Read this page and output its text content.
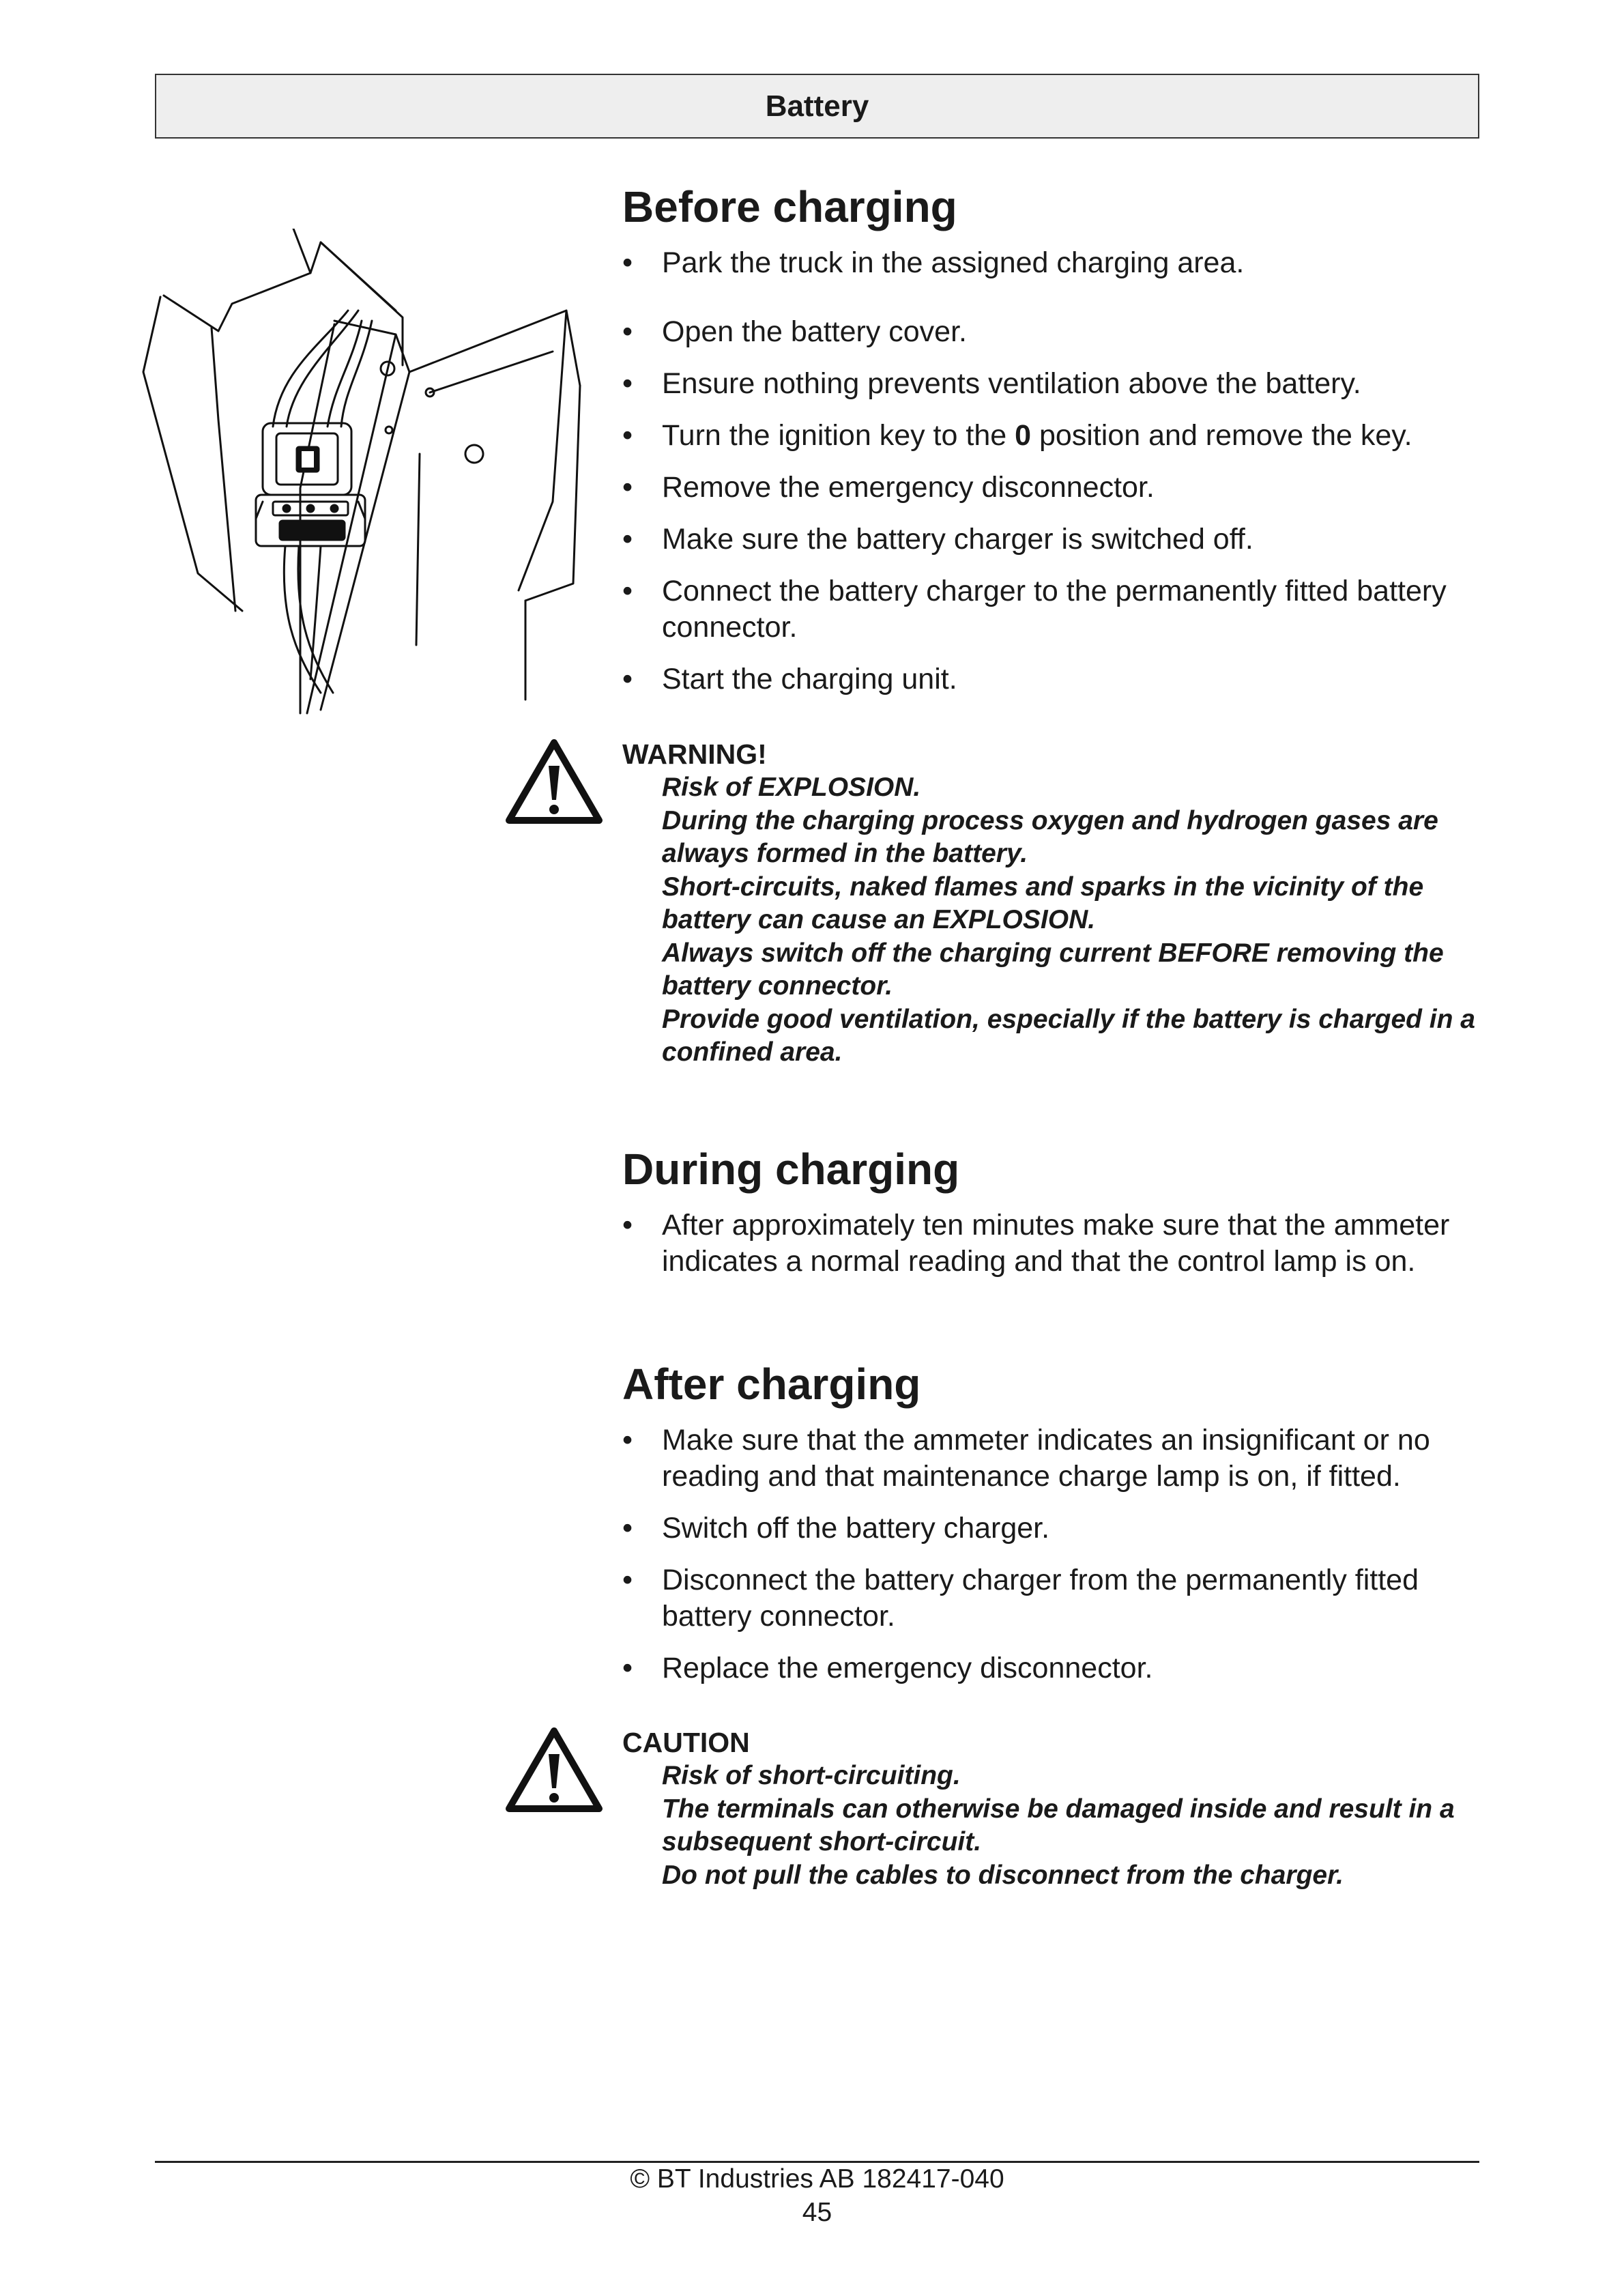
Battery
Before charging
• Park the truck in the assigned charging area.
• Open the battery cover.
• Ensure nothing prevents ventilation above the battery.
• Turn the ignition key to the 0 position and remove the key.
• Remove the emergency disconnector.
• Make sure the battery charger is switched off.
• Connect the battery charger to the permanently fitted battery connector.
• Start the charging unit.
WARNING!
Risk of EXPLOSION.
During the charging process oxygen and hydrogen gases are always formed in the battery.
Short-circuits, naked flames and sparks in the vicinity of the battery can cause an EXPLOSION.
Always switch off the charging current BEFORE removing the battery connector.
Provide good ventilation, especially if the battery is charged in a confined area.
During charging
• After approximately ten minutes make sure that the ammeter indicates a normal reading and that the control lamp is on.
After charging
• Make sure that the ammeter indicates an insignificant or no reading and that maintenance charge lamp is on, if fitted.
• Switch off the battery charger.
• Disconnect the battery charger from the permanently fitted battery connector.
• Replace the emergency disconnector.
CAUTION
Risk of short-circuiting.
The terminals can otherwise be damaged inside and result in a subsequent short-circuit.
Do not pull the cables to disconnect from the charger.
© BT Industries AB 182417-040
45
